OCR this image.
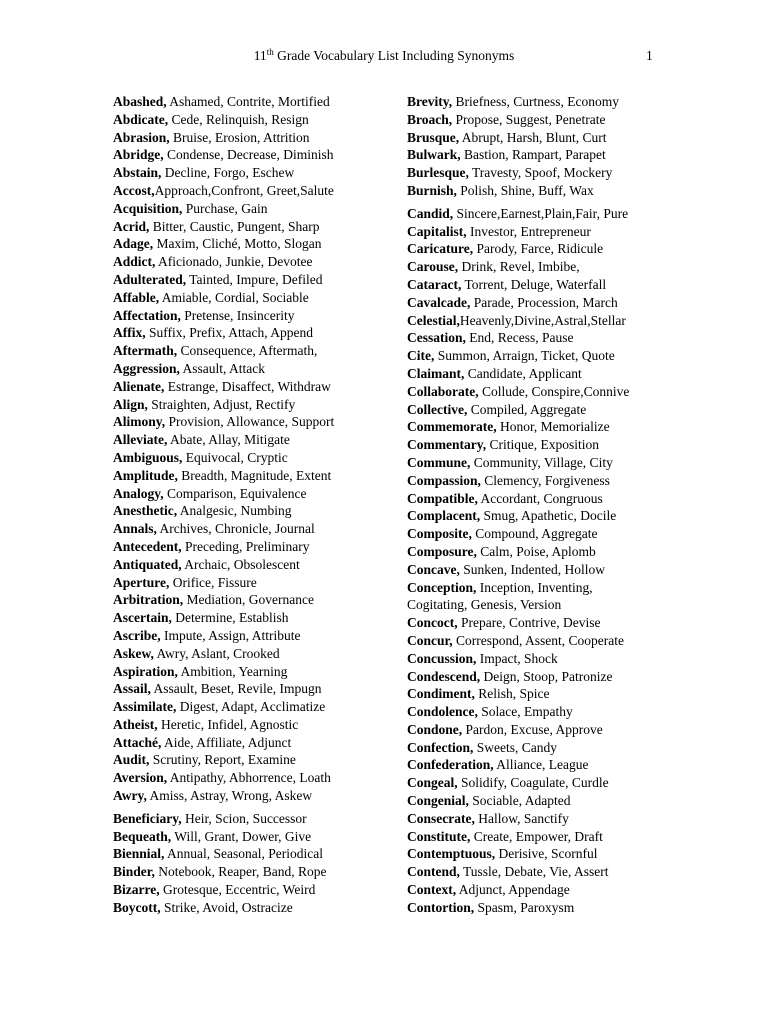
11th Grade Vocabulary List Including Synonyms	1
Abashed, Ashamed, Contrite, Mortified
Abdicate, Cede, Relinquish, Resign
Abrasion, Bruise, Erosion, Attrition
Abridge, Condense, Decrease, Diminish
Abstain, Decline, Forgo, Eschew
Accost,Approach,Confront, Greet,Salute
Acquisition, Purchase, Gain
Acrid, Bitter, Caustic, Pungent, Sharp
Adage, Maxim, Cliché, Motto, Slogan
Addict, Aficionado, Junkie, Devotee
Adulterated, Tainted, Impure, Defiled
Affable, Amiable, Cordial, Sociable
Affectation, Pretense, Insincerity
Affix, Suffix, Prefix, Attach, Append
Aftermath, Consequence, Aftermath,
Aggression, Assault, Attack
Alienate, Estrange, Disaffect, Withdraw
Align, Straighten, Adjust, Rectify
Alimony, Provision, Allowance, Support
Alleviate, Abate, Allay, Mitigate
Ambiguous, Equivocal, Cryptic
Amplitude, Breadth, Magnitude, Extent
Analogy, Comparison, Equivalence
Anesthetic, Analgesic, Numbing
Annals, Archives, Chronicle, Journal
Antecedent, Preceding, Preliminary
Antiquated, Archaic, Obsolescent
Aperture, Orifice, Fissure
Arbitration, Mediation, Governance
Ascertain, Determine, Establish
Ascribe, Impute, Assign, Attribute
Askew, Awry, Aslant, Crooked
Aspiration, Ambition, Yearning
Assail, Assault, Beset, Revile, Impugn
Assimilate, Digest, Adapt, Acclimatize
Atheist, Heretic, Infidel, Agnostic
Attaché, Aide, Affiliate, Adjunct
Audit, Scrutiny, Report, Examine
Aversion, Antipathy, Abhorrence, Loath
Awry, Amiss, Astray, Wrong, Askew
Beneficiary, Heir, Scion, Successor
Bequeath, Will, Grant, Dower, Give
Biennial, Annual, Seasonal, Periodical
Binder, Notebook, Reaper, Band, Rope
Bizarre, Grotesque, Eccentric, Weird
Boycott, Strike, Avoid, Ostracize
Brevity, Briefness, Curtness, Economy
Broach, Propose, Suggest, Penetrate
Brusque, Abrupt, Harsh, Blunt, Curt
Bulwark, Bastion, Rampart, Parapet
Burlesque, Travesty, Spoof, Mockery
Burnish, Polish, Shine, Buff, Wax
Candid, Sincere,Earnest,Plain,Fair, Pure
Capitalist, Investor, Entrepreneur
Caricature, Parody, Farce, Ridicule
Carouse, Drink, Revel, Imbibe,
Cataract, Torrent, Deluge, Waterfall
Cavalcade, Parade, Procession, March
Celestial,Heavenly,Divine,Astral,Stellar
Cessation, End, Recess, Pause
Cite, Summon, Arraign, Ticket, Quote
Claimant, Candidate, Applicant
Collaborate, Collude, Conspire,Connive
Collective, Compiled, Aggregate
Commemorate, Honor, Memorialize
Commentary, Critique, Exposition
Commune, Community, Village, City
Compassion, Clemency, Forgiveness
Compatible, Accordant, Congruous
Complacent, Smug, Apathetic, Docile
Composite, Compound, Aggregate
Composure, Calm, Poise, Aplomb
Concave, Sunken, Indented, Hollow
Conception, Inception, Inventing,
Cogitating, Genesis, Version
Concoct, Prepare, Contrive, Devise
Concur, Correspond, Assent, Cooperate
Concussion, Impact, Shock
Condescend, Deign, Stoop, Patronize
Condiment, Relish, Spice
Condolence, Solace, Empathy
Condone, Pardon, Excuse, Approve
Confection, Sweets, Candy
Confederation, Alliance, League
Congeal, Solidify, Coagulate, Curdle
Congenial, Sociable, Adapted
Consecrate, Hallow, Sanctify
Constitute, Create, Empower, Draft
Contemptuous, Derisive, Scornful
Contend, Tussle, Debate, Vie, Assert
Context, Adjunct, Appendage
Contortion, Spasm, Paroxysm
